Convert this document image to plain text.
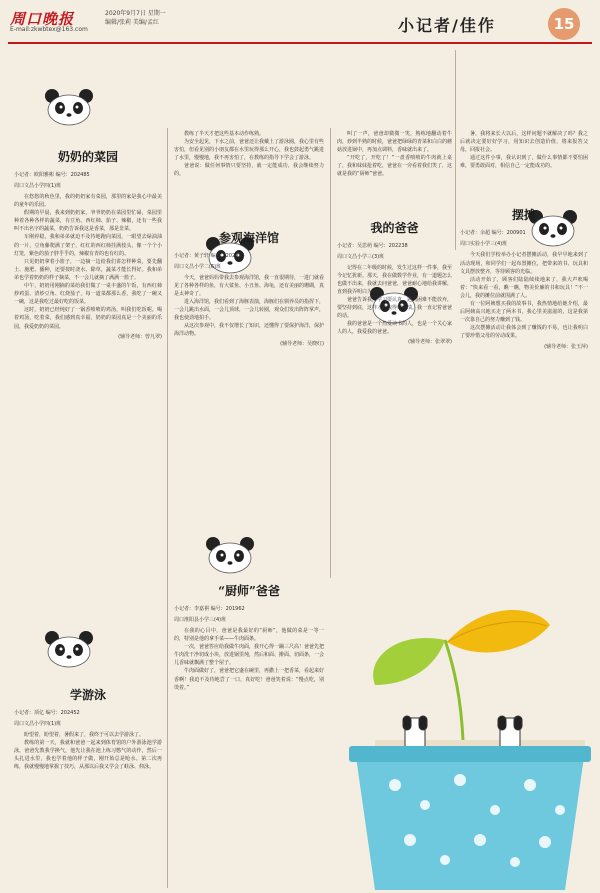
周口晚报
E-mail:zkwbtex@163.com
2020年9月7日 星期一
编辑/张莉 美编/孟红	小记者/佳作	15
奶奶的菜园
小记者：欧阳雅彬 编号：202485
周口文昌小学四(1)班

在悠悠的秋色里，我的奶奶家有菜园，那里的家是我心中最美的童年的乐园。

假期的早晨，我来到奶奶家，爷爷奶奶在菜园里忙碌，菜园里种着各种各样的蔬菜，有豆角、西红柿、茄子、辣椒，还有一些我叫不出名字的蔬菜，奶奶告诉我这是香菜，那是韭菜。

车刚停稳，我和弟弟就迫不及待地跑向菜园，一眼望去绿油油的一片，豆角藤爬满了架子，红红的西红柿挂满枝头，像一个个小灯笼，紫色的茄子胖乎乎的，辣椒有青的也有红的。

只见奶奶拿着小篮子，一边摘一边给我们讲怎样种菜，要先翻土、施肥、播种，还要按时浇水、除草，蔬菜才能长得好。我和弟弟也学着奶奶的样子摘菜，不一会儿就摘了满满一篮子。

中午，奶奶用刚摘的菜给我们做了一桌丰盛的午饭，有西红柿炒鸡蛋、清炒豆角、红烧茄子，每一道菜都那么香，我吃了一碗又一碗，这是我吃过最好吃的饭菜。

这时，奶奶已经炖好了一锅香喷喷的鸡汤，叫我们吃饭呢。喝着鸡汤，吃着菜，我们感到真幸福，奶奶的菜园真是一个美丽的乐园，我爱奶奶的菜园。

(辅导老师：曾凡翠)
学游泳
小记者：项亿 编号：202452
周口文昌小学四(1)班

盼望着，盼望着，暑假来了，我终于可以去学游泳了。

教练的第一天，我就和爸爸一起来到体育馆的户外游泳池学游泳，爸爸先教我学换气，他先让我在池上练习憋气的动作，然后一头扎进水里，我也学着他的样子做，刚开始总是呛水。第二次再练，我就慢慢地掌握了技巧，从那以后我又学会了蛙泳、仰泳。

教练了半天才把这些基本动作练熟。

为安全起见，下水之前，爸爸还让我戴上了游泳圈，我心里有些害怕，但看见别的小朋友都在水里玩得那么开心，我也鼓起勇气跳进了水里，慢慢地，我不再害怕了，在教练的指导下学会了游泳。

爸爸说：做任何事情只要坚持，就一定能成功，我会继续努力的。

参观海洋馆
小记者：黄子轩 编号：202393
周口文昌小学二(6)班

今天，爸爸妈妈带我去参观海洋馆，我一直很期待，一进门就看见了各种各样的鱼，有大鲨鱼、小丑鱼、海龟，还有美丽的珊瑚，真是太神奇了。

进入海洋馆，我们看到了海豚表演，海豚们在驯养员的指挥下，一会儿跳出水面，一会儿顶球，一会儿转圈，观众们发出阵阵掌声，我也使劲地拍手。

从这次参观中，我不仅增长了知识，还懂得了要保护海洋，保护海洋动物。

(辅导老师：吴晓红)
“厨师”爸爸
小记者：李嘉祺 编号：201962
周口淮阳县小学三(4)班

在我的心目中，爸爸是我最好的“厨师”，他做的菜是一等一的，特别是他的拿手菜——牛肉面条。

一次，爸爸答应给我做牛肉面，我开心得一蹦三尺高！爸爸先把牛肉洗干净切成小块，放进锅里炖，然后和面、擀面、切面条，一会儿香味就飘满了整个屋子。

牛肉面做好了，爸爸把它盛在碗里，再撒上一把香菜，看起来好香啊！我迫不及待地尝了一口，真好吃！爸爸笑着说：“慢点吃，别烫着。”

叫了一声，爸爸却微微一笑，熟练地翻动着牛肉，炒到半熟的时候，爸爸把绿绿的青菜和白白的蘑菇放进锅中，再加点调料，香味就出来了。

“开吃了，开吃了！”一盘香喷喷的牛肉就上桌了，我和妹妹抢着吃，爸爸在一旁看着我们笑了，这就是我的“厨师”爸爸。

我的爸爸
小记者：吴思萌 编号：202238
周口文昌小学三(3)班

记得在二年级的时候，发生过这样一件事，我至今记忆犹新。那天，我在做数学作业，有一道题怎么也做不出来，我就去问爸爸，爸爸耐心地给我讲解，直到我弄明白为止。

爸爸告诉我，学习要认真，遇到困难不能放弃，要坚持到底，这样才能取得好成绩。我一直记着爸爸的话。

我的爸爸是一个热爱读书的人，也是一个关心家人的人，我爱我的爸爸。

(辅导老师：张翠翠)

暑，我将来长大以后，这样问题不就解决了吗？我之后就决定要好好学习，用知识去创造价值，将来报答父母，回报社会。

通过这件小事，我认识到了，做什么事情都不要怕困难，要勇敢面对，相信自己一定能成功的。

摆摊
小记者：余超 编号：200901
周口实验小学三(4)班

今天我们学校举办小记者摆摊活动，我早早地来到了活动现场，和同学们一起布置摊位，把带来的书、玩具和文具摆放整齐，等待顾客的光临。

活动开始了，顾客们陆陆续续地来了，我大声吆喝着：“快来看一看，瞧一瞧，物美价廉的书和玩具！”不一会儿，我的摊位前就围满了人。

有一位阿姨想买我的故事书，我热情地给她介绍，最后阿姨高兴地买走了两本书，我心里美滋滋的，这是我第一次靠自己的努力赚到了钱。

这次摆摊活动让我体会到了赚钱的不易，也让我明白了要珍惜父母的劳动成果。

(辅导老师：张玉萍)
